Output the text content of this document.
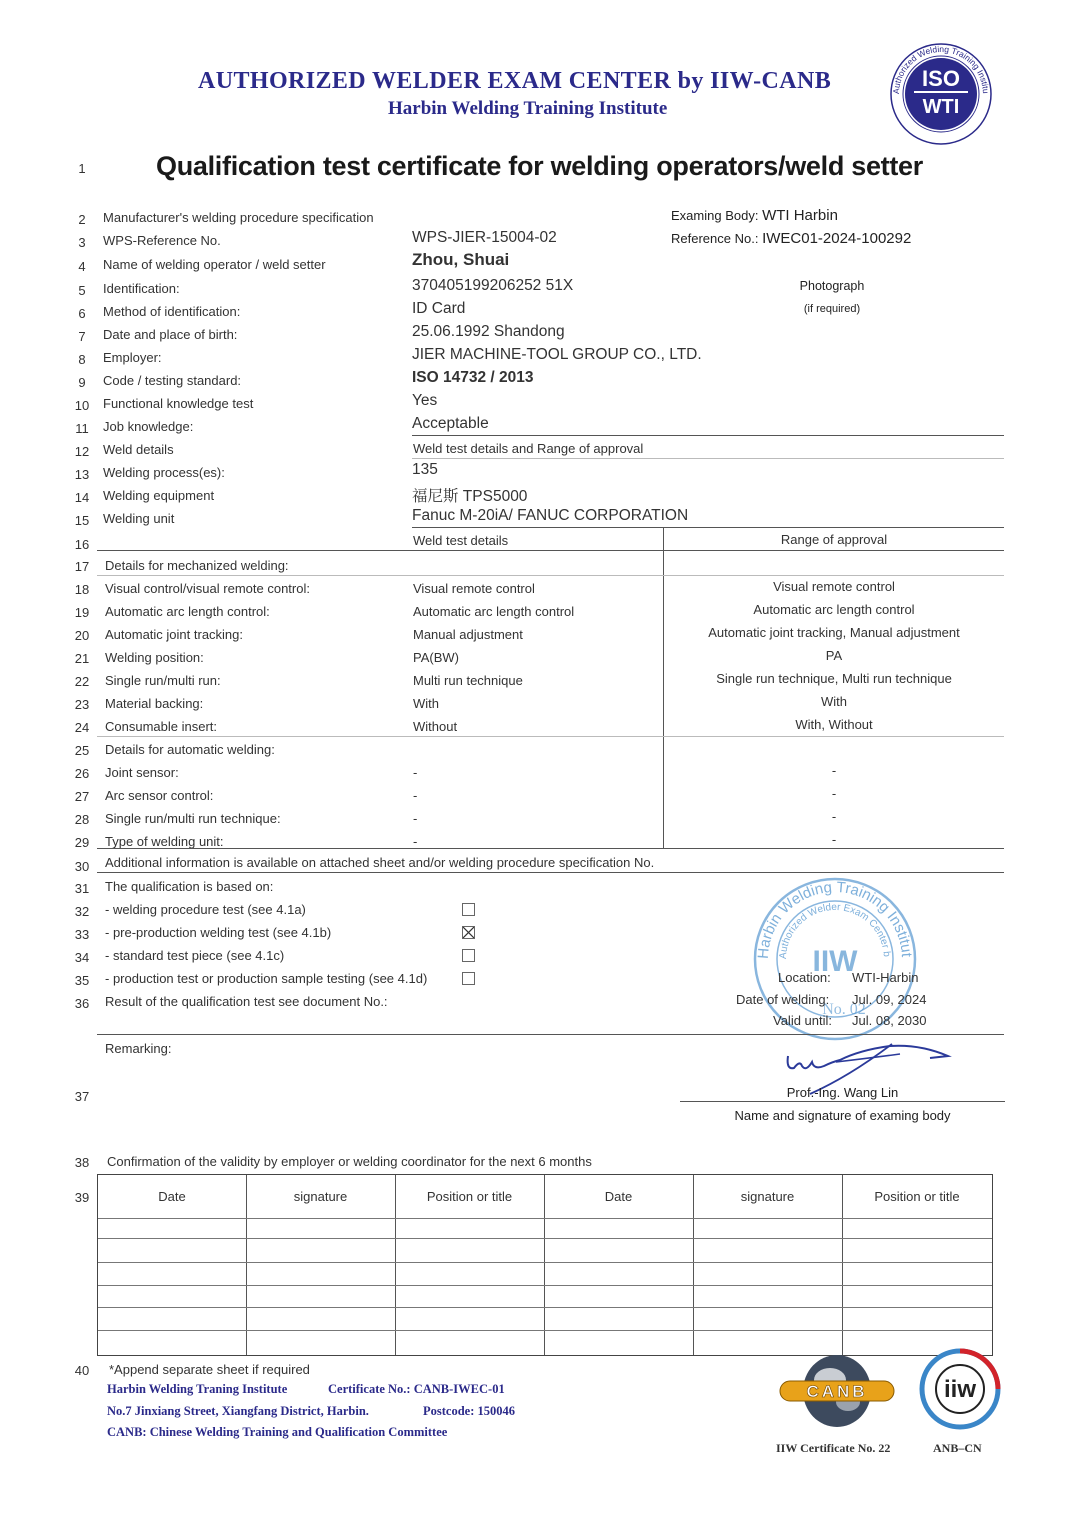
AUTHORIZED WELDER EXAM CENTER by IIW-CANB
Harbin Welding Training Institute
ISO
WTI
Authorized Welding Training Institu
1	Qualification test certificate for welding operators/weld setter
Examing Body: WTI Harbin
Reference No.: IWEC01-2024-100292
Photograph
(if required)
2	Manufacturer's welding procedure specification
3	WPS-Reference No.	WPS-JIER-15004-02
4	Name of welding operator / weld setter	Zhou, Shuai
5	Identification:	370405199206252 51X
6	Method of identification:	ID Card
7	Date and place of birth:	25.06.1992 Shandong
8	Employer:	JIER MACHINE-TOOL GROUP CO., LTD.
9	Code / testing standard:	ISO 14732 / 2013
10 Functional knowledge test	Yes
11 Job knowledge:	Acceptable
12 Weld details	Weld test details and Range of approval
13 Welding process(es):	135
14 Welding equipment	福尼斯 TPS5000
15 Welding unit	Fanuc M-20iA/ FANUC CORPORATION
16	Weld test details	Range of approval
17 Details for mechanized welding:
18 Visual control/visual remote control:	Visual remote control	Visual remote control
19 Automatic arc length control:	Automatic arc length control	Automatic arc length control
20 Automatic joint tracking:	Manual adjustment	Automatic joint tracking, Manual adjustment
21 Welding position:	PA(BW)	PA
22 Single run/multi run:	Multi run technique	Single run technique, Multi run technique
23 Material backing:	With	With
24 Consumable insert:	Without	With, Without
25 Details for automatic welding:
26 Joint sensor:	-	-
27 Arc sensor control:	-	-
28 Single run/multi run technique:	-	-
29 Type of welding unit:	-	-
30 Additional information is available on attached sheet and/or welding procedure specification No.
31 The qualification is based on:
32 - welding procedure test (see 4.1a)
33 - pre-production welding test (see 4.1b)
34 - standard test piece (see 4.1c)
35 - production test or production sample testing (see 4.1d)
36 Result of the qualification test see document No.:
Harbin Welding Training Institut
Authorized Welder Exam Center b
IIW
No. 02
Location: WTI-Harbin
Date of welding: Jul. 09, 2024
Valid until: Jul. 08, 2030
Remarking:
37	Prof.-Ing. Wang Lin
Name and signature of examing body
38 Confirmation of the validity by employer or welding coordinator for the next 6 months
39	Date	signature	Position or title	Date	signature	Position or title
40 *Append separate sheet if required
Harbin Welding Traning Institute	Certificate No.: CANB-IWEC-01
No.7 Jinxiang Street, Xiangfang District, Harbin.	Postcode: 150046
CANB: Chinese Welding Training and Qualification Committee
CANB	iiw
IIW Certificate No. 22	ANB–CN
